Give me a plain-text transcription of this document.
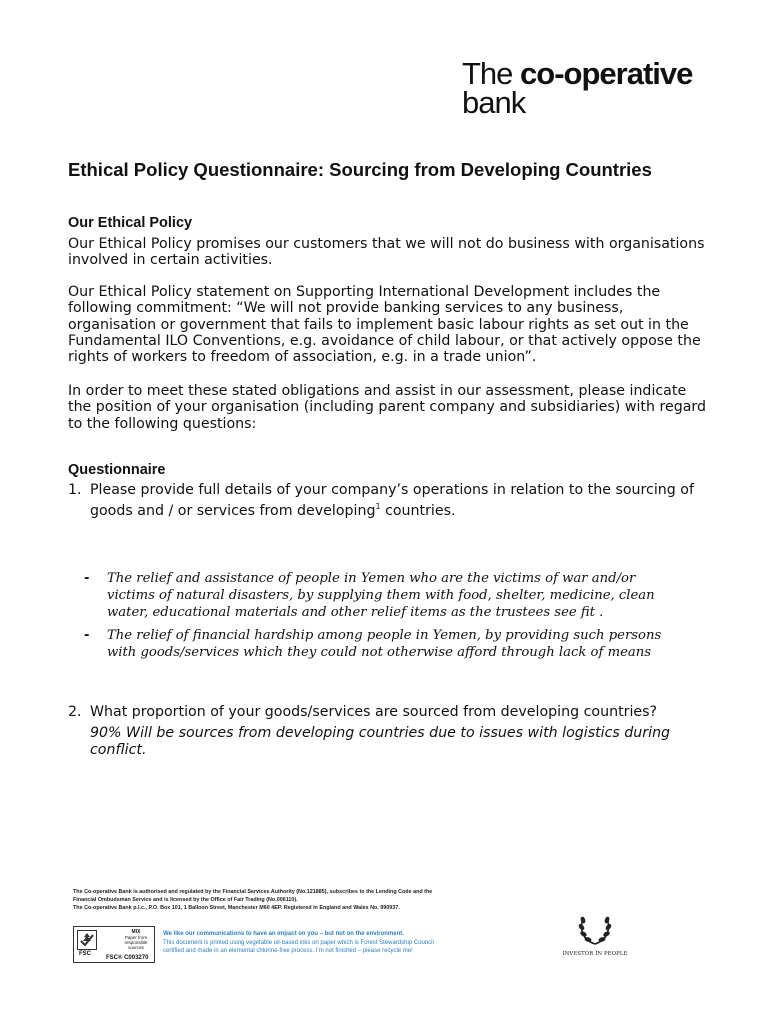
The co-operative
bank
Ethical Policy Questionnaire: Sourcing from Developing Countries
Our Ethical Policy

Our Ethical Policy promises our customers that we will not do business with organisations involved in certain activities.

Our Ethical Policy statement on Supporting International Development includes the following commitment: “We will not provide banking services to any business, organisation or government that fails to implement basic labour rights as set out in the Fundamental ILO Conventions, e.g. avoidance of child labour, or that actively oppose the rights of workers to freedom of association, e.g. in a trade union”.

In order to meet these stated obligations and assist in our assessment, please indicate the position of your organisation (including parent company and subsidiaries) with regard to the following questions:

Questionnaire
1. Please provide full details of your company’s operations in relation to the sourcing of goods and / or services from developing$^1$ countries.
- The relief and assistance of people in Yemen who are the victims of war and/or victims of natural disasters, by supplying them with food, shelter, medicine, clean water, educational materials and other relief items as the trustees see fit .
- The relief of financial hardship among people in Yemen, by providing such persons with goods/services which they could not otherwise afford through lack of means
2. What proportion of your goods/services are sourced from developing countries?
90% Will be sources from developing countries due to issues with logistics during conflict.
The Co-operative Bank is authorised and regulated by the Financial Services Authority (No.121885), subscribes to the Lending Code and the
Financial Ombudsman Service and is licensed by the Office of Fair Trading (No.006110).
The Co-operative Bank p.l.c., P.O. Box 101, 1 Balloon Street, Manchester M60 4EP. Registered in England and Wales No. 990937.
FSC
MIX
Paper from responsible sources
FSC® C003270
We like our communications to have an impact on you – but not on the environment.
This document is printed using vegetable oil-based inks on paper which is Forest Stewardship Council
certified and made in an elemental chlorine-free process. I’m not finished – please recycle me!	INVESTOR IN PEOPLE
